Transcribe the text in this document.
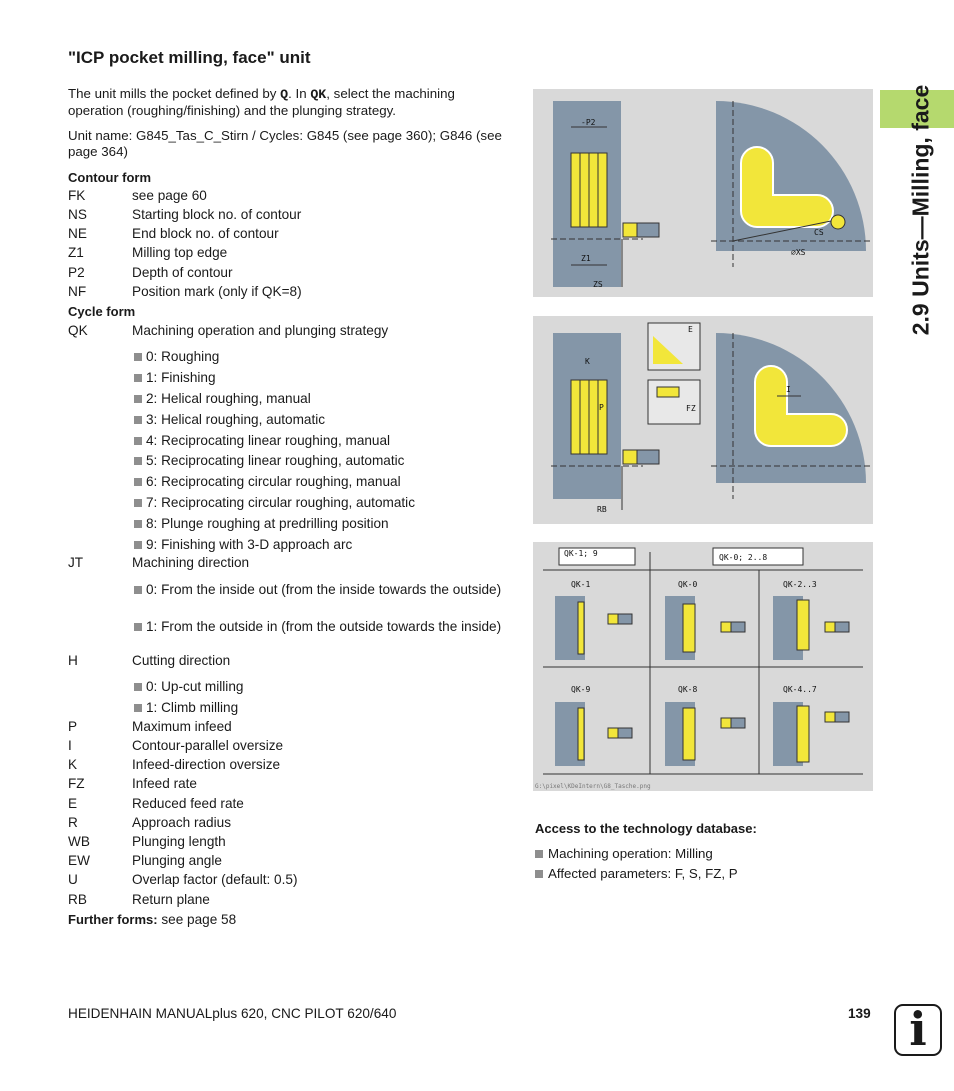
2.9 Units—Milling, face
"ICP pocket milling, face" unit

The unit mills the pocket defined by Q. In QK, select the machining operation (roughing/finishing) and the plunging strategy.

Unit name: G845_Tas_C_Stirn / Cycles: G845 (see page 360); G846 (see page 364)

Contour form
FK	see page 60
NS	Starting block no. of contour
NE	End block no. of contour
Z1	Milling top edge
P2	Depth of contour
NF	Position mark (only if QK=8)
Cycle form
QK	Machining operation and plunging strategy
0: Roughing
1: Finishing
2: Helical roughing, manual
3: Helical roughing, automatic
4: Reciprocating linear roughing, manual
5: Reciprocating linear roughing, automatic
6: Reciprocating circular roughing, manual
7: Reciprocating circular roughing, automatic
8: Plunge roughing at predrilling position
9: Finishing with 3-D approach arc
JT	Machining direction
0: From the inside out (from the inside towards the outside)
1: From the outside in (from the outside towards the inside)
H	Cutting direction
0: Up-cut milling
1: Climb milling
P	Maximum infeed
I	Contour-parallel oversize
K	Infeed-direction oversize
FZ	Infeed rate
E	Reduced feed rate
R	Approach radius
WB	Plunging length
EW	Plunging angle
U	Overlap factor (default: 0.5)
RB	Return plane
Further forms: see page 58
-P2
Z1
ZS
CS
⌀XS
K
P
RB
E
FZ
I
QK-1; 9	QK-0; 2..8
QK-1	QK-0	QK-2..3
QK-9	QK-8	QK-4..7
G:\pixel\KDeIntern\G8_Tasche.png
Access to the technology database:
Machining operation: Milling
Affected parameters: F, S, FZ, P
HEIDENHAIN MANUALplus 620, CNC PILOT 620/640	139 i
